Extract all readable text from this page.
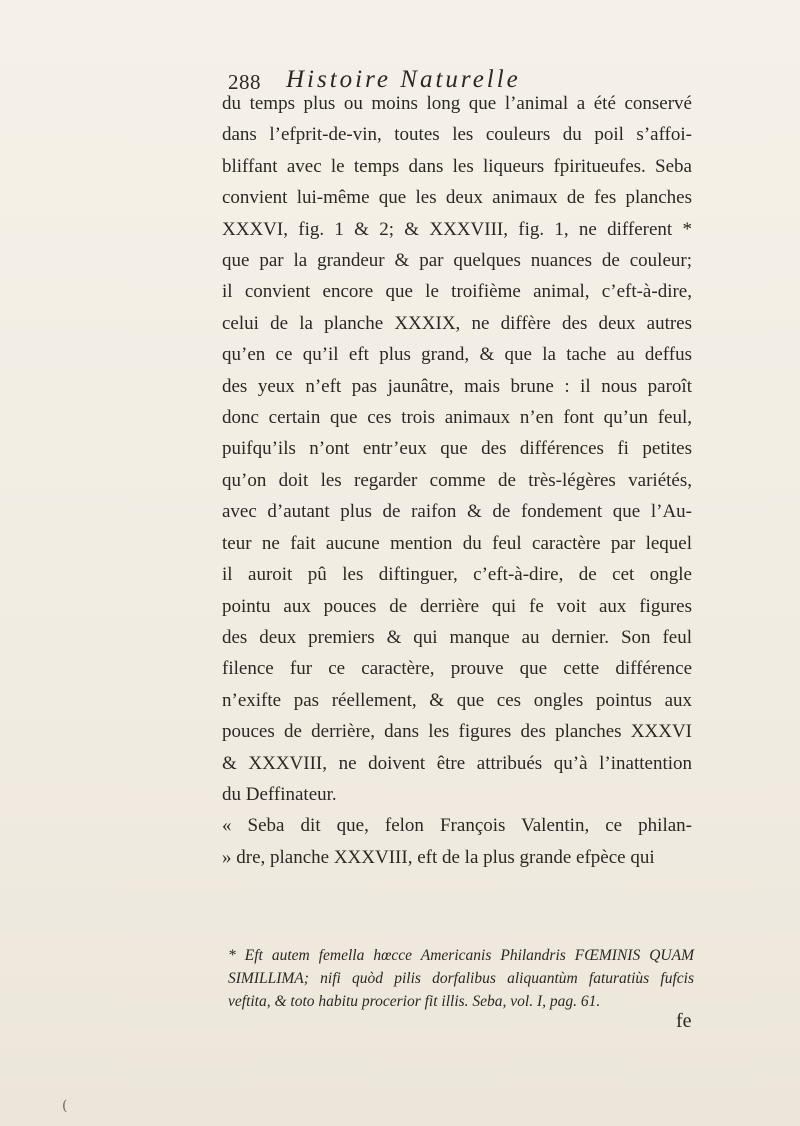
288 Histoire Naturelle
du temps plus ou moins long que l’animal a été conservé
dans l’efprit-de-vin, toutes les couleurs du poil s’affoi-
bliffant avec le temps dans les liqueurs fpiritueufes. Seba
convient lui-même que les deux animaux de fes planches
XXXVI, fig. 1 & 2; & XXXVIII, fig. 1, ne different *
que par la grandeur & par quelques nuances de couleur;
il convient encore que le troifième animal, c’eft-à-dire,
celui de la planche XXXIX, ne diffère des deux autres
qu’en ce qu’il eft plus grand, & que la tache au deffus
des yeux n’eft pas jaunâtre, mais brune : il nous paroît
donc certain que ces trois animaux n’en font qu’un feul,
puifqu’ils n’ont entr’eux que des différences fi petites
qu’on doit les regarder comme de très-légères variétés,
avec d’autant plus de raifon & de fondement que l’Au-
teur ne fait aucune mention du feul caractère par lequel
il auroit pû les diftinguer, c’eft-à-dire, de cet ongle
pointu aux pouces de derrière qui fe voit aux figures
des deux premiers & qui manque au dernier. Son feul
filence fur ce caractère, prouve que cette différence
n’exifte pas réellement, & que ces ongles pointus aux
pouces de derrière, dans les figures des planches XXXVI
& XXXVIII, ne doivent être attribués qu’à l’inattention
du Deffinateur.
« Seba dit que, felon François Valentin, ce philan-
» dre, planche XXXVIII, eft de la plus grande efpèce qui
* Eft autem femella hœcce Americanis Philandris FŒMINIS QUAM
SIMILLIMA; nifi quòd pilis dorfalibus aliquantùm faturatiùs fufcis
veftita, & toto habitu procerior fit illis. Seba, vol. I, pag. 61.
fe
(
